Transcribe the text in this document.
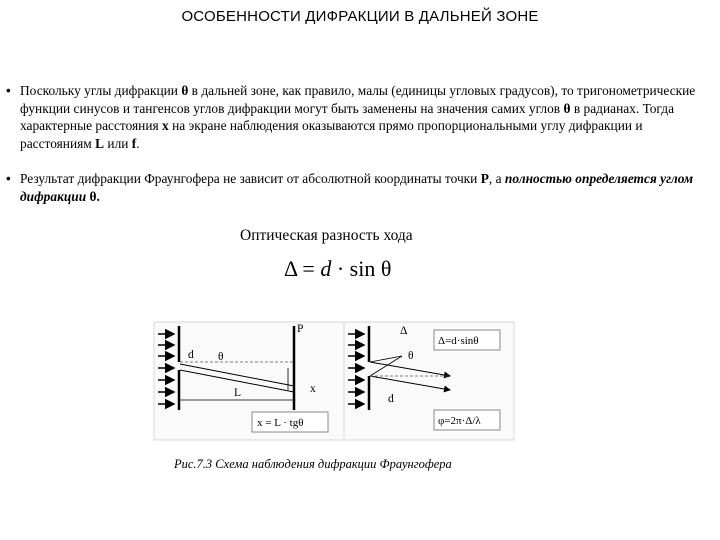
ОСОБЕННОСТИ ДИФРАКЦИИ В ДАЛЬНЕЙ ЗОНЕ
• Поскольку углы дифракции θ в дальней зоне, как правило, малы (единицы угловых градусов), то тригонометрические функции синусов и тангенсов углов дифракции могут быть заменены на значения самих углов θ в радианах. Тогда характерные расстояния x на экране наблюдения оказываются прямо пропорциональными углу дифракции и расстояниям L или f.
• Результат дифракции Фраунгофера не зависит от абсолютной координаты точки P, а полностью определяется углом дифракции θ.
Оптическая разность хода
Δ = d · sin θ
d θ
P
x
L
x = L · tgθ
Δ
θ
d
Δ=d·sinθ
φ=2π·Δ/λ
Рис.7.3 Схема наблюдения дифракции Фраунгофера
